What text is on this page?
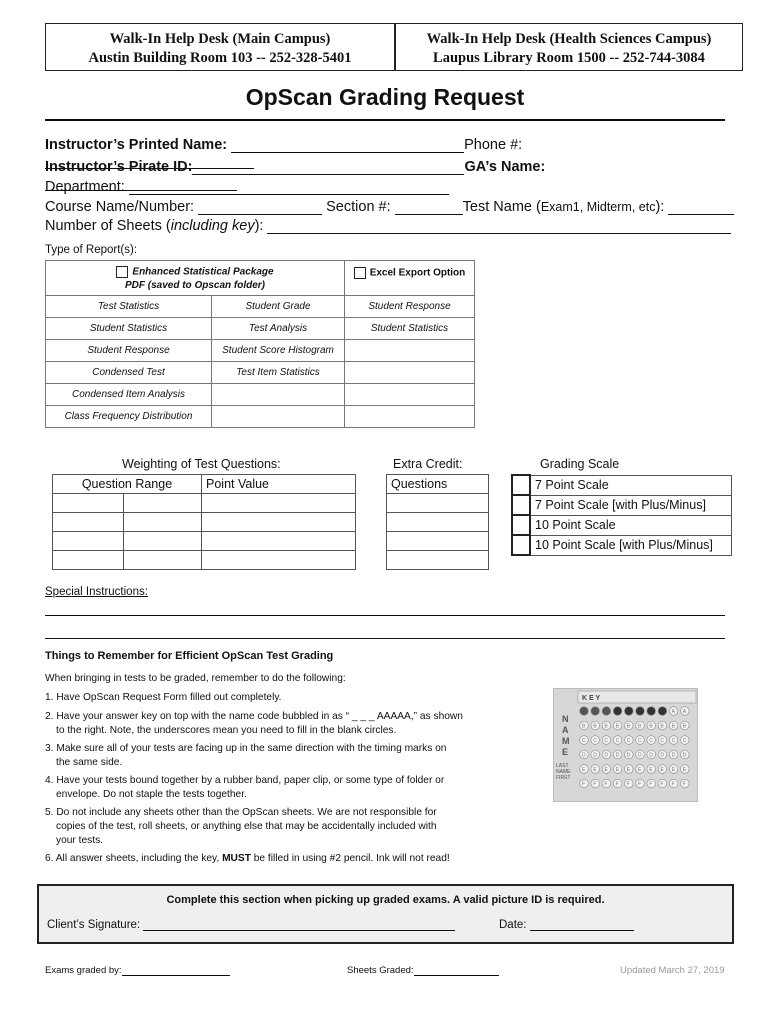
Walk-In Help Desk (Main Campus)
Austin Building Room 103 -- 252-328-5401
Walk-In Help Desk (Health Sciences Campus)
Laupus Library Room 1500 -- 252-744-3084
OpScan Grading Request
Instructor’s Printed Name:	Phone #:
Instructor’s Pirate ID:	GA’s Name:
Department:
Course Name/Number:	Section #:	Test Name (Exam1, Midterm, etc):
Number of Sheets (including key):
Type of Report(s):
Enhanced Statistical Package
PDF (saved to Opscan folder)		Excel Export Option

Test Statistics	Student Grade	Student Response
Student Statistics	Test Analysis	Student Statistics
Student Response	Student Score Histogram	
Condensed Test	Test Item Statistics	
Condensed Item Analysis		
Class Frequency Distribution		
Weighting of Test Questions:
Question Range		Point Value

Extra Credit:
Questions

Grading Scale
	7 Point Scale
	7 Point Scale [with Plus/Minus]
	10 Point Scale
	10 Point Scale [with Plus/Minus]
Special Instructions:
Things to Remember for Efficient OpScan Test Grading
When bringing in tests to be graded, remember to do the following:
1. Have OpScan Request Form filled out completely.
2. Have your answer key on top with the name code bubbled in as “ _ _ _ AAAAA,” as shown
to the right. Note, the underscores mean you need to fill in the blank circles.
3. Make sure all of your tests are facing up in the same direction with the timing marks on
the same side.
4. Have your tests bound together by a rubber band, paper clip, or some type of folder or
envelope. Do not staple the tests together.
5. Do not include any sheets other than the OpScan sheets. We are not responsible for
copies of the test, roll sheets, or anything else that may be accidentally included with
your tests.
6. All answer sheets, including the key, MUST be filled in using #2 pencil. Ink will not read!
K E Y
N
A
M
E
LAST
NAME
FIRST
A A
B B B B B B B B B B
C C C C C C C C C C
D D D D D D D D D D
E E E E E E E E E E
F F F F F F F F F F
Complete this section when picking up graded exams. A valid picture ID is required.
Client’s Signature:	Date:
Exams graded by:	Sheets Graded:	Updated March 27, 2019
